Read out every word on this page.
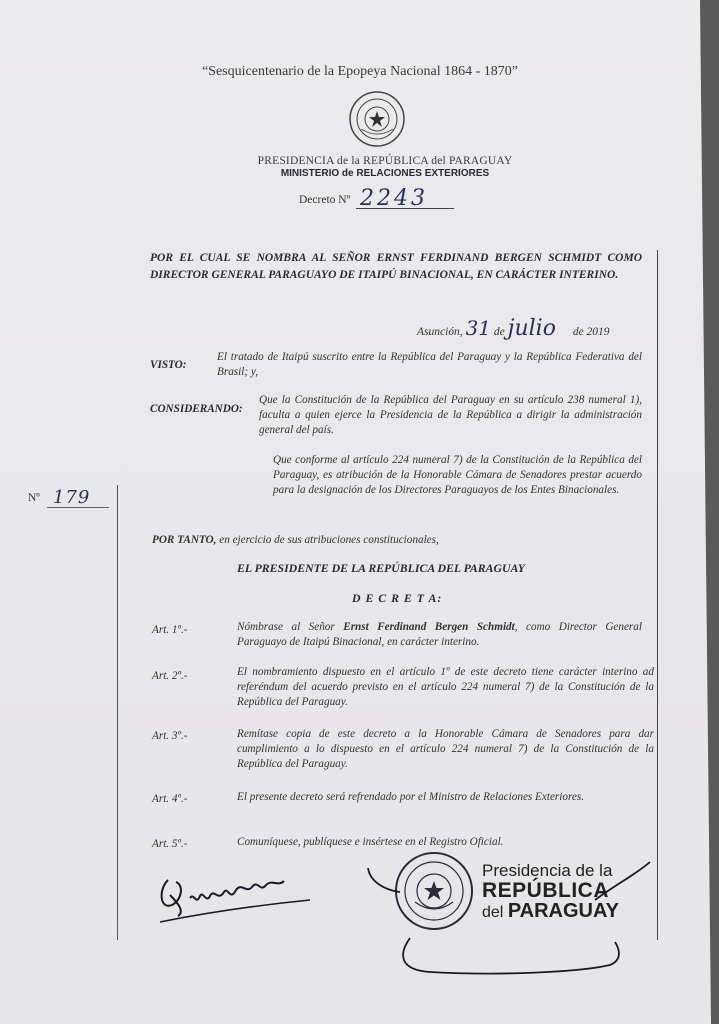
“Sesquicentenario de la Epopeya Nacional 1864 - 1870”
PRESIDENCIA de la REPÚBLICA del PARAGUAY
MINISTERIO de RELACIONES EXTERIORES
Decreto Nº 2243
POR EL CUAL SE NOMBRA AL SEÑOR ERNST FERDINAND BERGEN SCHMIDT COMO DIRECTOR GENERAL PARAGUAYO DE ITAIPÚ BINACIONAL, EN CARÁCTER INTERINO.
Asunción, 31 de julio de 2019
VISTO:
El tratado de Itaipú suscrito entre la República del Paraguay y la República Federativa del Brasil; y,
CONSIDERANDO:
Que la Constitución de la República del Paraguay en su artículo 238 numeral 1), faculta a quien ejerce la Presidencia de la República a dirigir la administración general del país.
Que conforme al artículo 224 numeral 7) de la Constitución de la República del Paraguay, es atribución de la Honorable Cámara de Senadores prestar acuerdo para la designación de los Directores Paraguayos de los Entes Binacionales.
Nº 179
POR TANTO, en ejercicio de sus atribuciones constitucionales,
EL PRESIDENTE DE LA REPÚBLICA DEL PARAGUAY
D E C R E T A:
Art. 1º.-	Nómbrase al Señor Ernst Ferdinand Bergen Schmidt, como Director General Paraguayo de Itaipú Binacional, en carácter interino.
Art. 2º.-	El nombramiento dispuesto en el artículo 1º de este decreto tiene carácter interino ad referéndum del acuerdo previsto en el artículo 224 numeral 7) de la Constitución de la República del Paraguay.
Art. 3º.-	Remítase copia de este decreto a la Honorable Cámara de Senadores para dar cumplimiento a lo dispuesto en el artículo 224 numeral 7) de la Constitución de la República del Paraguay.
Art. 4º.-	El presente decreto será refrendado por el Ministro de Relaciones Exteriores.
Art. 5º.-	Comuníquese, publíquese e insértese en el Registro Oficial.
Presidencia de la
REPÚBLICA
del PARAGUAY
